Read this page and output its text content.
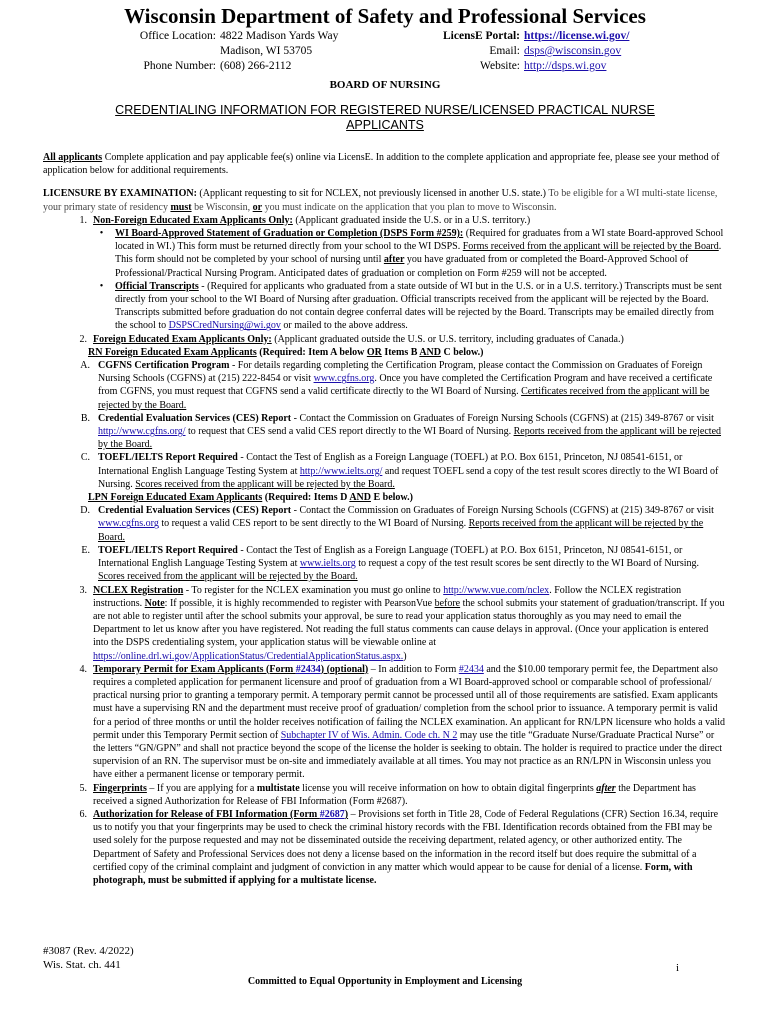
Wisconsin Department of Safety and Professional Services
Office Location: 4822 Madison Yards Way
Madison, WI 53705
Phone Number: (608) 266-2112
LicensE Portal: https://license.wi.gov/
Email: dsps@wisconsin.gov
Website: http://dsps.wi.gov
BOARD OF NURSING
CREDENTIALING INFORMATION FOR REGISTERED NURSE/LICENSED PRACTICAL NURSE APPLICANTS

All applicants Complete application and pay applicable fee(s) online via LicensE. In addition to the complete application and appropriate fee, please see your method of application below for additional requirements.

LICENSURE BY EXAMINATION: (Applicant requesting to sit for NCLEX, not previously licensed in another U.S. state.) To be eligible for a WI multi-state license, your primary state of residency must be Wisconsin, or you must indicate on the application that you plan to move to Wisconsin.

1. Non-Foreign Educated Exam Applicants Only: (Applicant graduated inside the U.S. or in a U.S. territory.)
•	WI Board-Approved Statement of Graduation or Completion (DSPS Form #259): (Required for graduates from a WI state Board-approved School located in WI.) This form must be returned directly from your school to the WI DSPS. Forms received from the applicant will be rejected by the Board. This form should not be completed by your school of nursing until after you have graduated from or completed the Board-Approved School of Professional/Practical Nursing Program. Anticipated dates of graduation or completion on Form #259 will not be accepted.
•	Official Transcripts - (Required for applicants who graduated from a state outside of WI but in the U.S. or in a U.S. territory.) Transcripts must be sent directly from your school to the WI Board of Nursing after graduation. Official transcripts received from the applicant will be rejected by the Board. Transcripts submitted before graduation do not contain degree conferral dates will be rejected by the Board. Transcripts may be emailed directly from the school to DSPSCredNursing@wi.gov or mailed to the above address.
2. Foreign Educated Exam Applicants Only: (Applicant graduated outside the U.S. or U.S. territory, including graduates of Canada.)
RN Foreign Educated Exam Applicants (Required: Item A below OR Items B AND C below.)
A. CGFNS Certification Program - For details regarding completing the Certification Program, please contact the Commission on Graduates of Foreign Nursing Schools (CGFNS) at (215) 222-8454 or visit www.cgfns.org. Once you have completed the Certification Program and have received a certificate from CGFNS, you must request that CGFNS send a valid certificate directly to the WI Board of Nursing. Certificates received from the applicant will be rejected by the Board.
B. Credential Evaluation Services (CES) Report - Contact the Commission on Graduates of Foreign Nursing Schools (CGFNS) at (215) 349-8767 or visit http://www.cgfns.org/ to request that CES send a valid CES report directly to the WI Board of Nursing. Reports received from the applicant will be rejected by the Board.
C. TOEFL/IELTS Report Required - Contact the Test of English as a Foreign Language (TOEFL) at P.O. Box 6151, Princeton, NJ 08541-6151, or International English Language Testing System at http://www.ielts.org/ and request TOEFL send a copy of the test result scores directly to the WI Board of Nursing. Scores received from the applicant will be rejected by the Board.
LPN Foreign Educated Exam Applicants (Required: Items D AND E below.)
D. Credential Evaluation Services (CES) Report - Contact the Commission on Graduates of Foreign Nursing Schools (CGFNS) at (215) 349-8767 or visit www.cgfns.org to request a valid CES report to be sent directly to the WI Board of Nursing. Reports received from the applicant will be rejected by the Board.
E. TOEFL/IELTS Report Required - Contact the Test of English as a Foreign Language (TOEFL) at P.O. Box 6151, Princeton, NJ 08541-6151, or International English Language Testing System at www.ielts.org to request a copy of the test result scores be sent directly to the WI Board of Nursing. Scores received from the applicant will be rejected by the Board.
3. NCLEX Registration - To register for the NCLEX examination you must go online to http://www.vue.com/nclex. Follow the NCLEX registration instructions. Note: If possible, it is highly recommended to register with PearsonVue before the school submits your statement of graduation/transcript. If you are not able to register until after the school submits your approval, be sure to read your application status thoroughly as you may need to email the Department to let us know after you have registered. Not reading the full status comments can cause delays in approval. (Once your application is entered into the DSPS credentialing system, your application status will be viewable online at https://online.drl.wi.gov/ApplicationStatus/CredentialApplicationStatus.aspx.)
4. Temporary Permit for Exam Applicants (Form #2434) (optional) – In addition to Form #2434 and the $10.00 temporary permit fee, the Department also requires a completed application for permanent licensure and proof of graduation from a WI Board-approved school or comparable school of professional/ practical nursing prior to granting a temporary permit. A temporary permit cannot be processed until all of those requirements are satisfied. Exam applicants must have a supervising RN and the department must receive proof of graduation/ completion from the school prior to issuance. A temporary permit is valid for a period of three months or until the holder receives notification of failing the NCLEX examination. An applicant for RN/LPN licensure who holds a valid permit under this Temporary Permit section of Subchapter IV of Wis. Admin. Code ch. N 2 may use the title “Graduate Nurse/Graduate Practical Nurse” or the letters “GN/GPN” and shall not practice beyond the scope of the license the holder is seeking to obtain. The holder is required to practice under the direct supervision of an RN. The supervisor must be on-site and immediately available at all times. You may not practice as an RN/LPN in Wisconsin unless you have either a permanent license or temporary permit.
5. Fingerprints – If you are applying for a multistate license you will receive information on how to obtain digital fingerprints after the Department has received a signed Authorization for Release of FBI Information (Form #2687).
6. Authorization for Release of FBI Information (Form #2687) – Provisions set forth in Title 28, Code of Federal Regulations (CFR) Section 16.34, require us to notify you that your fingerprints may be used to check the criminal history records with the FBI. Identification records obtained from the FBI may be used solely for the purpose requested and may not be disseminated outside the receiving department, related agency, or other authorized entity. The Department of Safety and Professional Services does not deny a license based on the information in the record itself but does require the submittal of a certified copy of the criminal complaint and judgment of conviction in any matter which would appear to be cause for denial of a license. Form, with photograph, must be submitted if applying for a multistate license.
#3087 (Rev. 4/2022)
Wis. Stat. ch. 441	i
Committed to Equal Opportunity in Employment and Licensing
